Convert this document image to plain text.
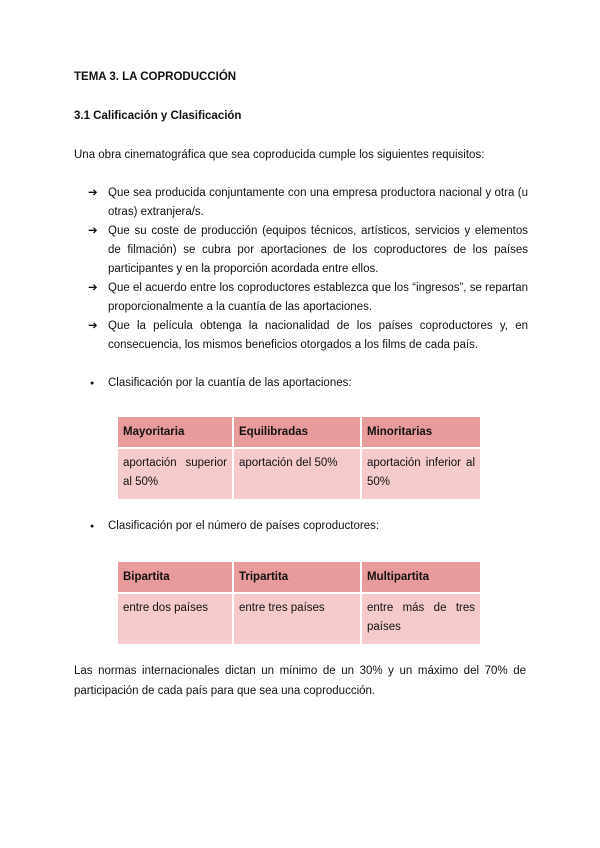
TEMA 3. LA COPRODUCCIÓN
3.1 Calificación y Clasificación
Una obra cinematográfica que sea coproducida cumple los siguientes requisitos:
➔ Que sea producida conjuntamente con una empresa productora nacional y otra (u otras) extranjera/s.
➔ Que su coste de producción (equipos técnicos, artísticos, servicios y elementos de filmación) se cubra por aportaciones de los coproductores de los países participantes y en la proporción acordada entre ellos.
➔ Que el acuerdo entre los coproductores establezca que los “ingresos”, se repartan proporcionalmente a la cuantía de las aportaciones.
➔ Que la película obtenga la nacionalidad de los países coproductores y, en consecuencia, los mismos beneficios otorgados a los films de cada país.
●	Clasificación por la cuantía de las aportaciones:
Mayoritaria	Equilibradas	Minoritarias
aportación superior al 50%	aportación del 50%	aportación inferior al 50%
●	Clasificación por el número de países coproductores:
Bipartita	Tripartita	Multipartita
entre dos países	entre tres países	entre más de tres países
Las normas internacionales dictan un mínimo de un 30% y un máximo del 70% de participación de cada país para que sea una coproducción.
